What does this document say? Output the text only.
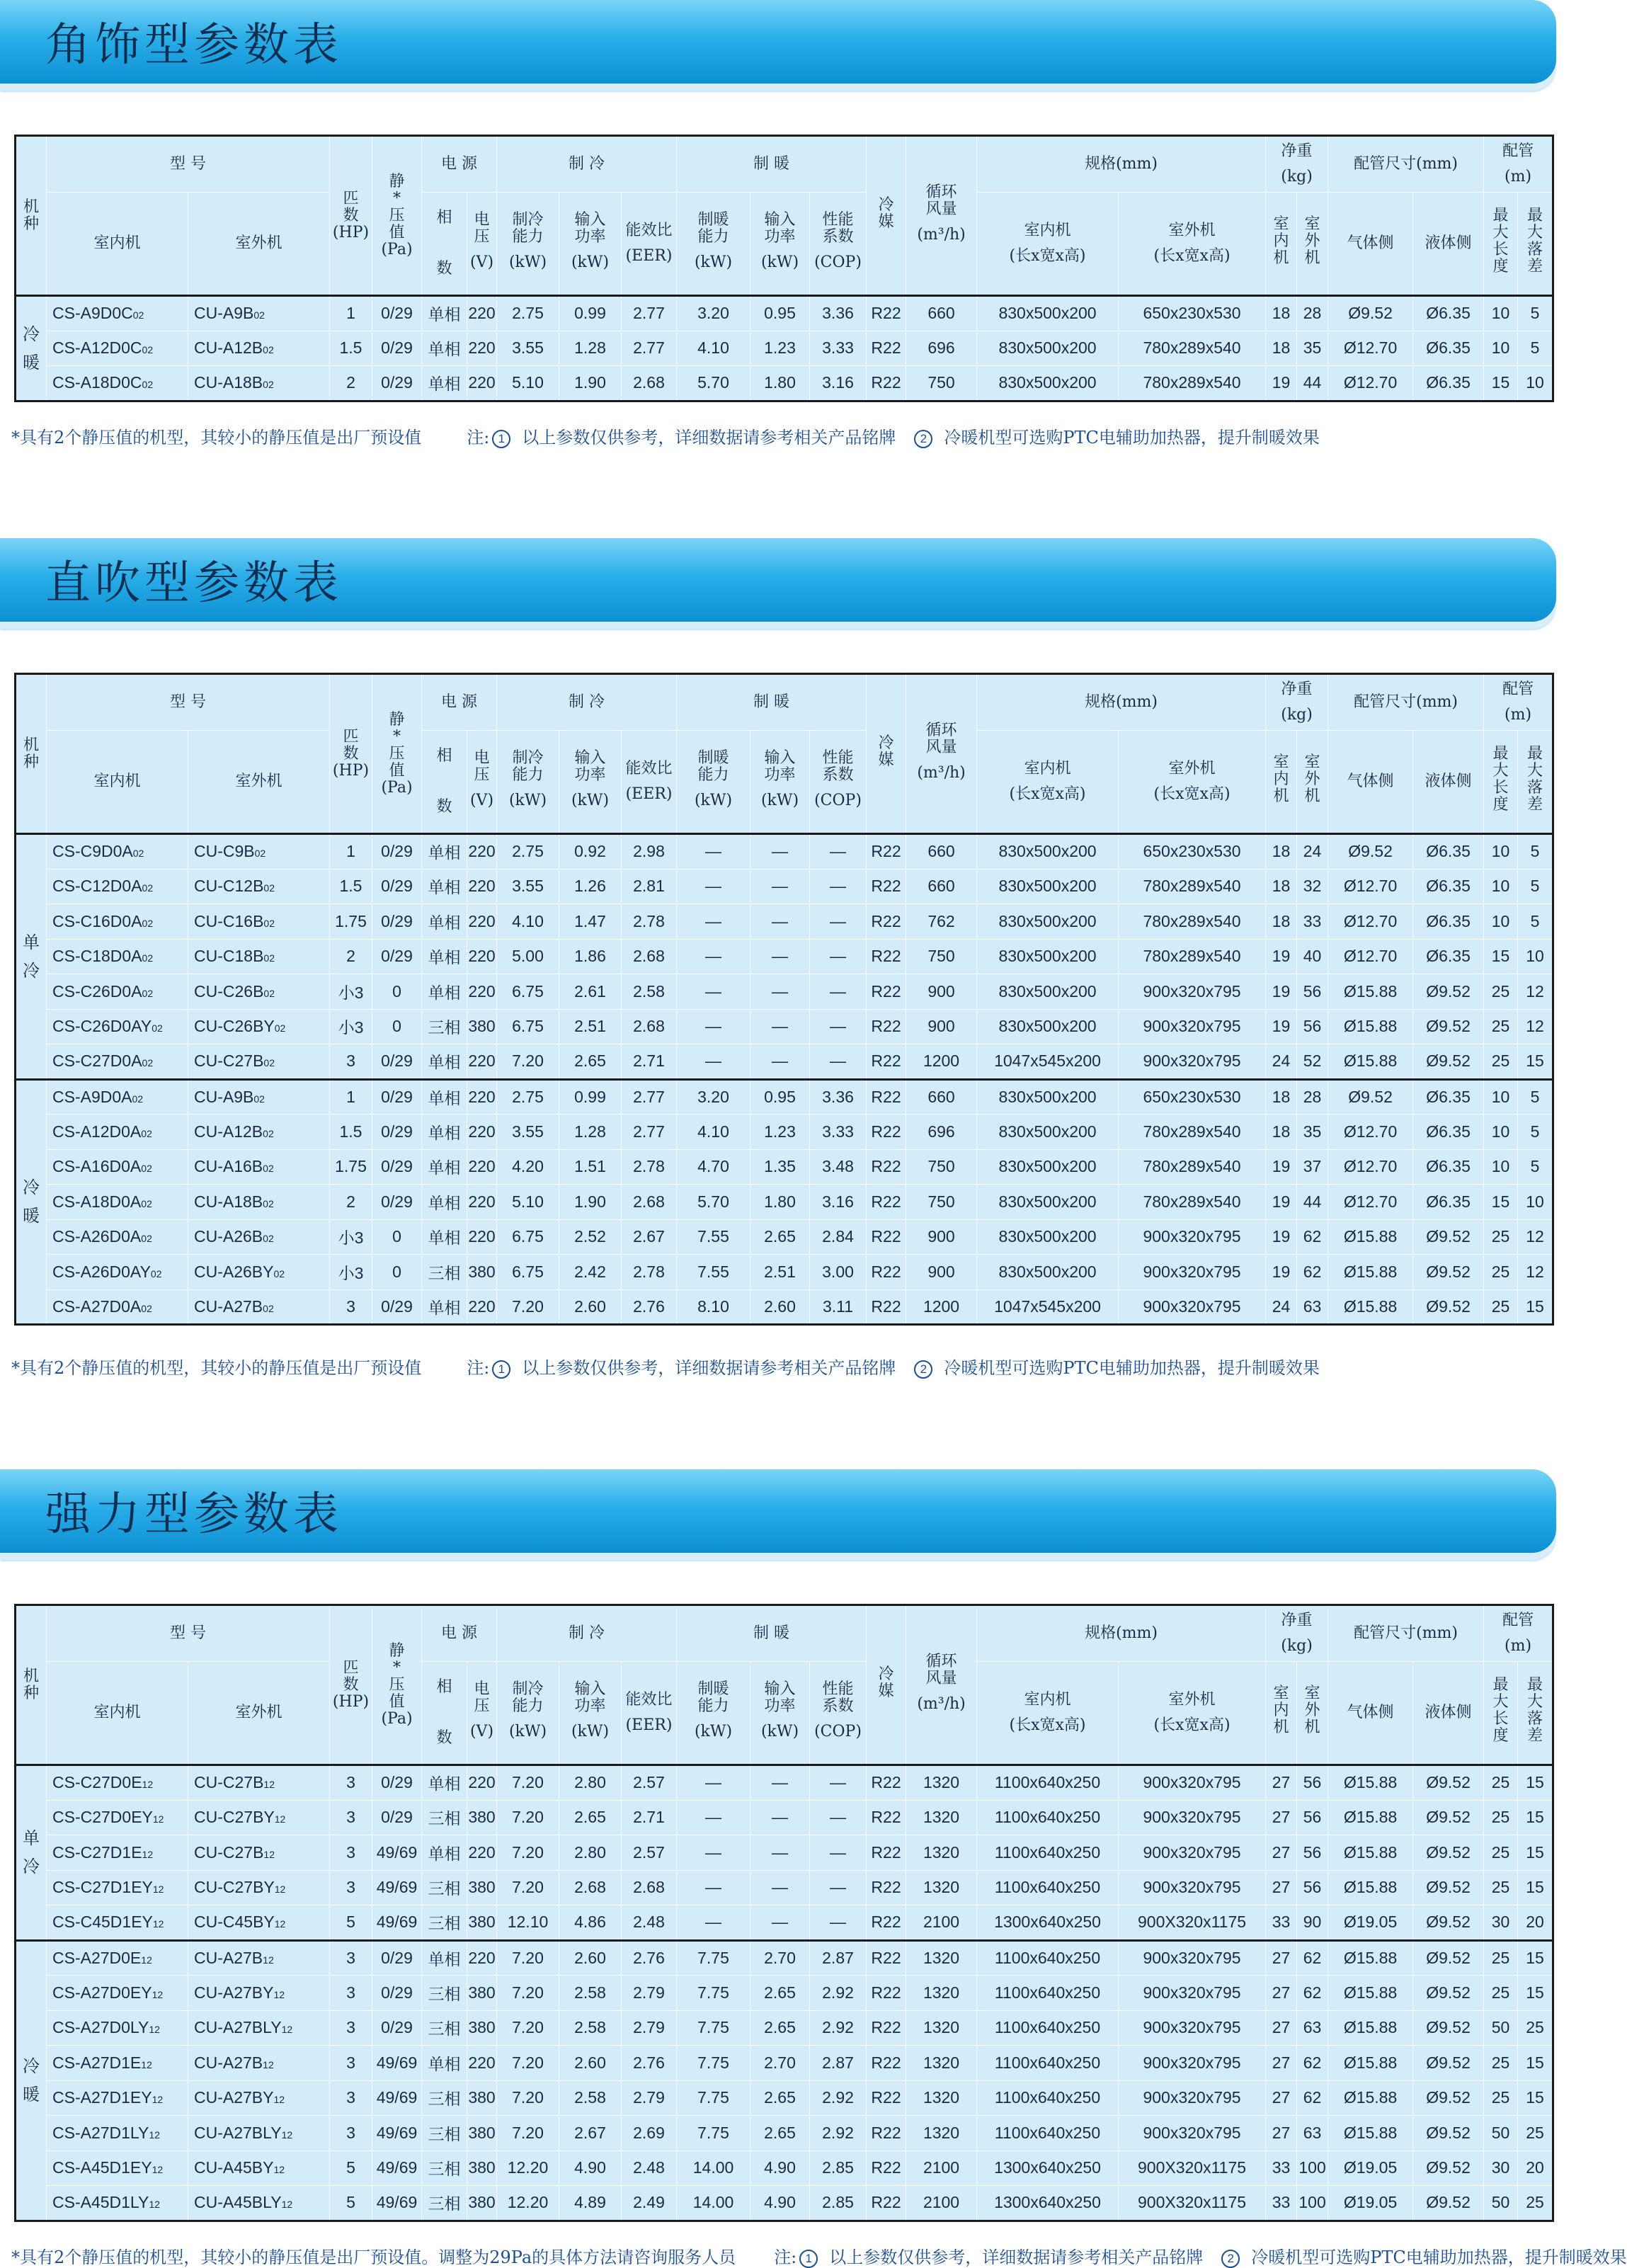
角饰型参数表
直吹型参数表
强力型参数表
机种	型 号		匹
数
(HP)	静*压值
(Pa)	电 源		制 冷			制 暖			冷媒	循环风量
(m³/h)	规格(mm)		净重
(kg)		配管尺寸(mm)		配管
(m)	
	室内机	室外机			相
数	电压
(V)	制冷能力
(kW)	输入功率
(kW)	能效比
(EER)	制暖能力
(kW)	输入功率
(kW)	性能系数
(COP)			室内机
(长x宽x高)	室外机
(长x宽x高)	室内机	室外机	气体侧	液体侧	最大长度	最大落差

冷暖	CS-A9D0C02	CU-A9B02	1	0/29	单相	220	2.75	0.99	2.77	3.20	0.95	3.36	R22	660	830x500x200	650x230x530	18	28	Ø9.52	Ø6.35	10	5
	CS-A12D0C02	CU-A12B02	1.5	0/29	单相	220	3.55	1.28	2.77	4.10	1.23	3.33	R22	696	830x500x200	780x289x540	18	35	Ø12.70	Ø6.35	10	5
	CS-A18D0C02	CU-A18B02	2	0/29	单相	220	5.10	1.90	2.68	5.70	1.80	3.16	R22	750	830x500x200	780x289x540	19	44	Ø12.70	Ø6.35	15	10
*具有2个静压值的机型，其较小的静压值是出厂预设值	注: 1 以上参数仅供参考，详细数据请参考相关产品铭牌 2 冷暖机型可选购PTC电辅助加热器，提升制暖效果
机种	型 号		匹
数
(HP)	静*压值
(Pa)	电 源		制 冷			制 暖			冷媒	循环风量
(m³/h)	规格(mm)		净重
(kg)		配管尺寸(mm)		配管
(m)	
	室内机	室外机			相
数	电压
(V)	制冷能力
(kW)	输入功率
(kW)	能效比
(EER)	制暖能力
(kW)	输入功率
(kW)	性能系数
(COP)			室内机
(长x宽x高)	室外机
(长x宽x高)	室内机	室外机	气体侧	液体侧	最大长度	最大落差

单冷	CS-C9D0A02	CU-C9B02	1	0/29	单相	220	2.75	0.92	2.98	—	—	—	R22	660	830x500x200	650x230x530	18	24	Ø9.52	Ø6.35	10	5
	CS-C12D0A02	CU-C12B02	1.5	0/29	单相	220	3.55	1.26	2.81	—	—	—	R22	660	830x500x200	780x289x540	18	32	Ø12.70	Ø6.35	10	5
	CS-C16D0A02	CU-C16B02	1.75	0/29	单相	220	4.10	1.47	2.78	—	—	—	R22	762	830x500x200	780x289x540	18	33	Ø12.70	Ø6.35	10	5
	CS-C18D0A02	CU-C18B02	2	0/29	单相	220	5.00	1.86	2.68	—	—	—	R22	750	830x500x200	780x289x540	19	40	Ø12.70	Ø6.35	15	10
	CS-C26D0A02	CU-C26B02	小3	0	单相	220	6.75	2.61	2.58	—	—	—	R22	900	830x500x200	900x320x795	19	56	Ø15.88	Ø9.52	25	12
	CS-C26D0AY02	CU-C26BY02	小3	0	三相	380	6.75	2.51	2.68	—	—	—	R22	900	830x500x200	900x320x795	19	56	Ø15.88	Ø9.52	25	12
	CS-C27D0A02	CU-C27B02	3	0/29	单相	220	7.20	2.65	2.71	—	—	—	R22	1200	1047x545x200	900x320x795	24	52	Ø15.88	Ø9.52	25	15
冷暖	CS-A9D0A02	CU-A9B02	1	0/29	单相	220	2.75	0.99	2.77	3.20	0.95	3.36	R22	660	830x500x200	650x230x530	18	28	Ø9.52	Ø6.35	10	5
	CS-A12D0A02	CU-A12B02	1.5	0/29	单相	220	3.55	1.28	2.77	4.10	1.23	3.33	R22	696	830x500x200	780x289x540	18	35	Ø12.70	Ø6.35	10	5
	CS-A16D0A02	CU-A16B02	1.75	0/29	单相	220	4.20	1.51	2.78	4.70	1.35	3.48	R22	750	830x500x200	780x289x540	19	37	Ø12.70	Ø6.35	10	5
	CS-A18D0A02	CU-A18B02	2	0/29	单相	220	5.10	1.90	2.68	5.70	1.80	3.16	R22	750	830x500x200	780x289x540	19	44	Ø12.70	Ø6.35	15	10
	CS-A26D0A02	CU-A26B02	小3	0	单相	220	6.75	2.52	2.67	7.55	2.65	2.84	R22	900	830x500x200	900x320x795	19	62	Ø15.88	Ø9.52	25	12
	CS-A26D0AY02	CU-A26BY02	小3	0	三相	380	6.75	2.42	2.78	7.55	2.51	3.00	R22	900	830x500x200	900x320x795	19	62	Ø15.88	Ø9.52	25	12
	CS-A27D0A02	CU-A27B02	3	0/29	单相	220	7.20	2.60	2.76	8.10	2.60	3.11	R22	1200	1047x545x200	900x320x795	24	63	Ø15.88	Ø9.52	25	15
*具有2个静压值的机型，其较小的静压值是出厂预设值	注: 1 以上参数仅供参考，详细数据请参考相关产品铭牌 2 冷暖机型可选购PTC电辅助加热器，提升制暖效果
机种	型 号		匹
数
(HP)	静*压值
(Pa)	电 源		制 冷			制 暖			冷媒	循环风量
(m³/h)	规格(mm)		净重
(kg)		配管尺寸(mm)		配管
(m)	
	室内机	室外机			相
数	电压
(V)	制冷能力
(kW)	输入功率
(kW)	能效比
(EER)	制暖能力
(kW)	输入功率
(kW)	性能系数
(COP)			室内机
(长x宽x高)	室外机
(长x宽x高)	室内机	室外机	气体侧	液体侧	最大长度	最大落差

单冷	CS-C27D0E12	CU-C27B12	3	0/29	单相	220	7.20	2.80	2.57	—	—	—	R22	1320	1100x640x250	900x320x795	27	56	Ø15.88	Ø9.52	25	15
	CS-C27D0EY12	CU-C27BY12	3	0/29	三相	380	7.20	2.65	2.71	—	—	—	R22	1320	1100x640x250	900x320x795	27	56	Ø15.88	Ø9.52	25	15
	CS-C27D1E12	CU-C27B12	3	49/69	单相	220	7.20	2.80	2.57	—	—	—	R22	1320	1100x640x250	900x320x795	27	56	Ø15.88	Ø9.52	25	15
	CS-C27D1EY12	CU-C27BY12	3	49/69	三相	380	7.20	2.68	2.68	—	—	—	R22	1320	1100x640x250	900x320x795	27	56	Ø15.88	Ø9.52	25	15
	CS-C45D1EY12	CU-C45BY12	5	49/69	三相	380	12.10	4.86	2.48	—	—	—	R22	2100	1300x640x250	900X320x1175	33	90	Ø19.05	Ø9.52	30	20
冷暖	CS-A27D0E12	CU-A27B12	3	0/29	单相	220	7.20	2.60	2.76	7.75	2.70	2.87	R22	1320	1100x640x250	900x320x795	27	62	Ø15.88	Ø9.52	25	15
	CS-A27D0EY12	CU-A27BY12	3	0/29	三相	380	7.20	2.58	2.79	7.75	2.65	2.92	R22	1320	1100x640x250	900x320x795	27	62	Ø15.88	Ø9.52	25	15
	CS-A27D0LY12	CU-A27BLY12	3	0/29	三相	380	7.20	2.58	2.79	7.75	2.65	2.92	R22	1320	1100x640x250	900x320x795	27	63	Ø15.88	Ø9.52	50	25
	CS-A27D1E12	CU-A27B12	3	49/69	单相	220	7.20	2.60	2.76	7.75	2.70	2.87	R22	1320	1100x640x250	900x320x795	27	62	Ø15.88	Ø9.52	25	15
	CS-A27D1EY12	CU-A27BY12	3	49/69	三相	380	7.20	2.58	2.79	7.75	2.65	2.92	R22	1320	1100x640x250	900x320x795	27	62	Ø15.88	Ø9.52	25	15
	CS-A27D1LY12	CU-A27BLY12	3	49/69	三相	380	7.20	2.67	2.69	7.75	2.65	2.92	R22	1320	1100x640x250	900x320x795	27	63	Ø15.88	Ø9.52	50	25
	CS-A45D1EY12	CU-A45BY12	5	49/69	三相	380	12.20	4.90	2.48	14.00	4.90	2.85	R22	2100	1300x640x250	900X320x1175	33	100	Ø19.05	Ø9.52	30	20
	CS-A45D1LY12	CU-A45BLY12	5	49/69	三相	380	12.20	4.89	2.49	14.00	4.90	2.85	R22	2100	1300x640x250	900X320x1175	33	100	Ø19.05	Ø9.52	50	25
*具有2个静压值的机型，其较小的静压值是出厂预设值。调整为29Pa的具体方法请咨询服务人员 注: 1 以上参数仅供参考，详细数据请参考相关产品铭牌 2 冷暖机型可选购PTC电辅助加热器，提升制暖效果
